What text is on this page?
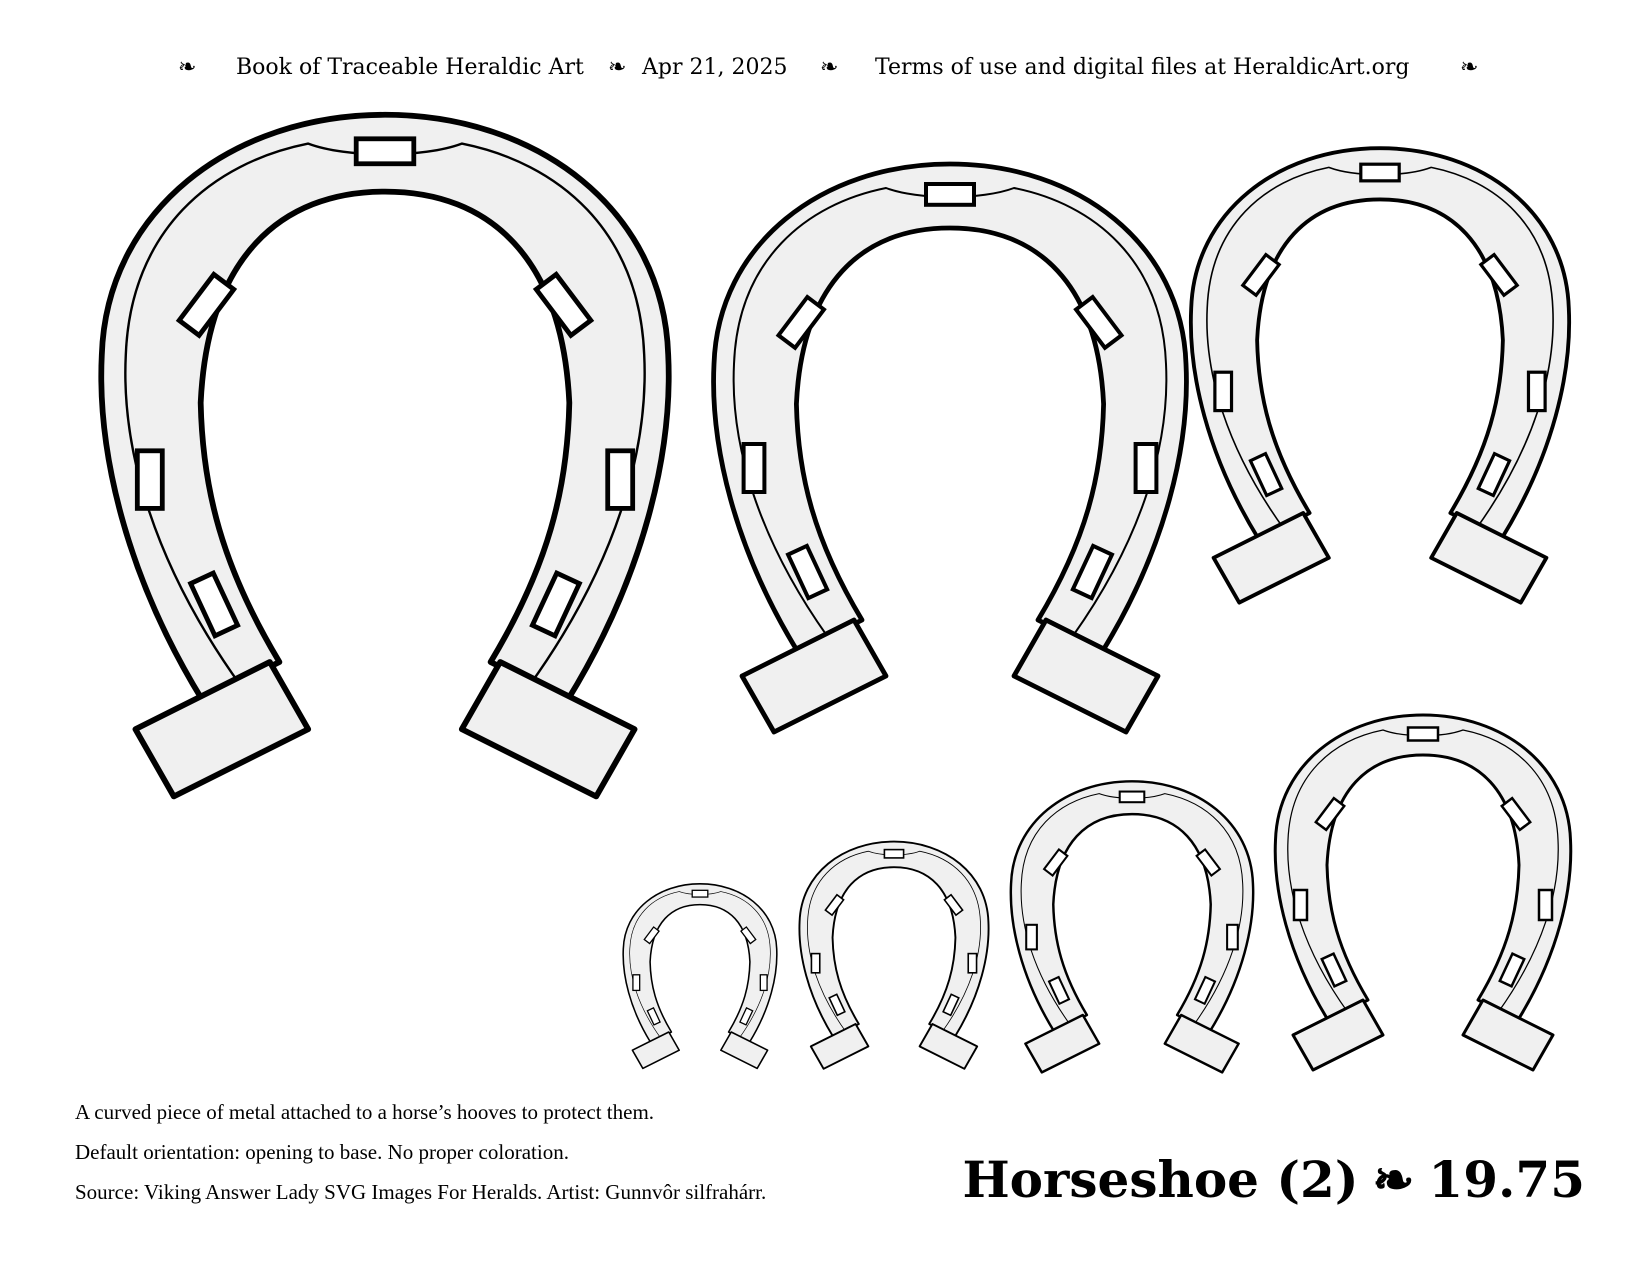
❧ Book of Traceable Heraldic Art ❧ Apr 21, 2025 ❧ Terms of use and digital files at HeraldicArt.org ❧
A curved piece of metal attached to a horse’s hooves to protect them.
Default orientation: opening to base. No proper coloration.
Source: Viking Answer Lady SVG Images For Heralds. Artist: Gunnvôr silfrahárr.	Horseshoe (2) ❧ 19.75
